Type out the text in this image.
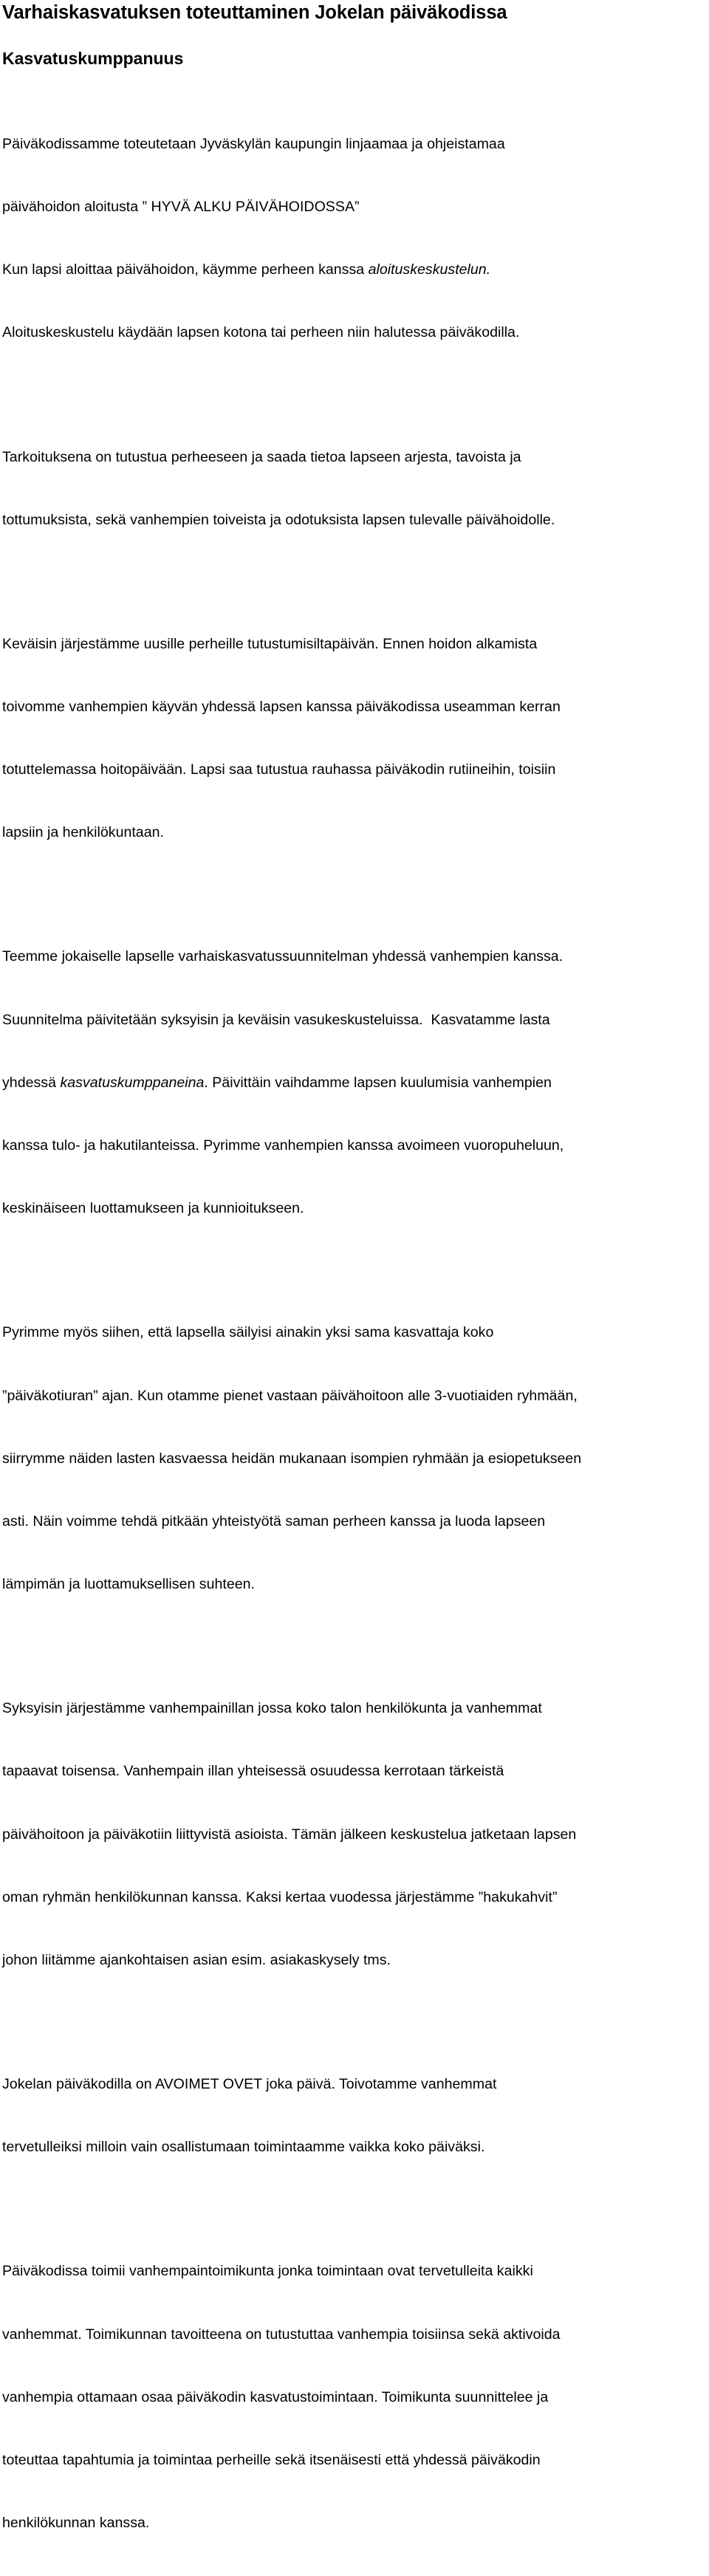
Varhaiskasvatuksen toteuttaminen Jokelan päiväkodissa
Kasvatuskumppanuus

Päiväkodissamme toteutetaan Jyväskylän kaupungin linjaamaa ja ohjeistamaa

päivähoidon aloitusta ” HYVÄ ALKU PÄIVÄHOIDOSSA”

Kun lapsi aloittaa päivähoidon, käymme perheen kanssa aloituskeskustelun.

Aloituskeskustelu käydään lapsen kotona tai perheen niin halutessa päiväkodilla.

Tarkoituksena on tutustua perheeseen ja saada tietoa lapseen arjesta, tavoista ja

tottumuksista, sekä vanhempien toiveista ja odotuksista lapsen tulevalle päivähoidolle.

Keväisin järjestämme uusille perheille tutustumisiltapäivän. Ennen hoidon alkamista

toivomme vanhempien käyvän yhdessä lapsen kanssa päiväkodissa useamman kerran

totuttelemassa hoitopäivään. Lapsi saa tutustua rauhassa päiväkodin rutiineihin, toisiin

lapsiin ja henkilökuntaan.

Teemme jokaiselle lapselle varhaiskasvatussuunnitelman yhdessä vanhempien kanssa.

Suunnitelma päivitetään syksyisin ja keväisin vasukeskusteluissa.  Kasvatamme lasta

yhdessä kasvatuskumppaneina. Päivittäin vaihdamme lapsen kuulumisia vanhempien

kanssa tulo- ja hakutilanteissa. Pyrimme vanhempien kanssa avoimeen vuoropuheluun,

keskinäiseen luottamukseen ja kunnioitukseen.

Pyrimme myös siihen, että lapsella säilyisi ainakin yksi sama kasvattaja koko

”päiväkotiuran” ajan. Kun otamme pienet vastaan päivähoitoon alle 3-vuotiaiden ryhmään,

siirrymme näiden lasten kasvaessa heidän mukanaan isompien ryhmään ja esiopetukseen

asti. Näin voimme tehdä pitkään yhteistyötä saman perheen kanssa ja luoda lapseen

lämpimän ja luottamuksellisen suhteen.

Syksyisin järjestämme vanhempainillan jossa koko talon henkilökunta ja vanhemmat

tapaavat toisensa. Vanhempain illan yhteisessä osuudessa kerrotaan tärkeistä

päivähoitoon ja päiväkotiin liittyvistä asioista. Tämän jälkeen keskustelua jatketaan lapsen

oman ryhmän henkilökunnan kanssa. Kaksi kertaa vuodessa järjestämme ”hakukahvit”

johon liitämme ajankohtaisen asian esim. asiakaskysely tms.

Jokelan päiväkodilla on AVOIMET OVET joka päivä. Toivotamme vanhemmat

tervetulleiksi milloin vain osallistumaan toimintaamme vaikka koko päiväksi.

Päiväkodissa toimii vanhempaintoimikunta jonka toimintaan ovat tervetulleita kaikki

vanhemmat. Toimikunnan tavoitteena on tutustuttaa vanhempia toisiinsa sekä aktivoida

vanhempia ottamaan osaa päiväkodin kasvatustoimintaan. Toimikunta suunnittelee ja

toteuttaa tapahtumia ja toimintaa perheille sekä itsenäisesti että yhdessä päiväkodin

henkilökunnan kanssa.
